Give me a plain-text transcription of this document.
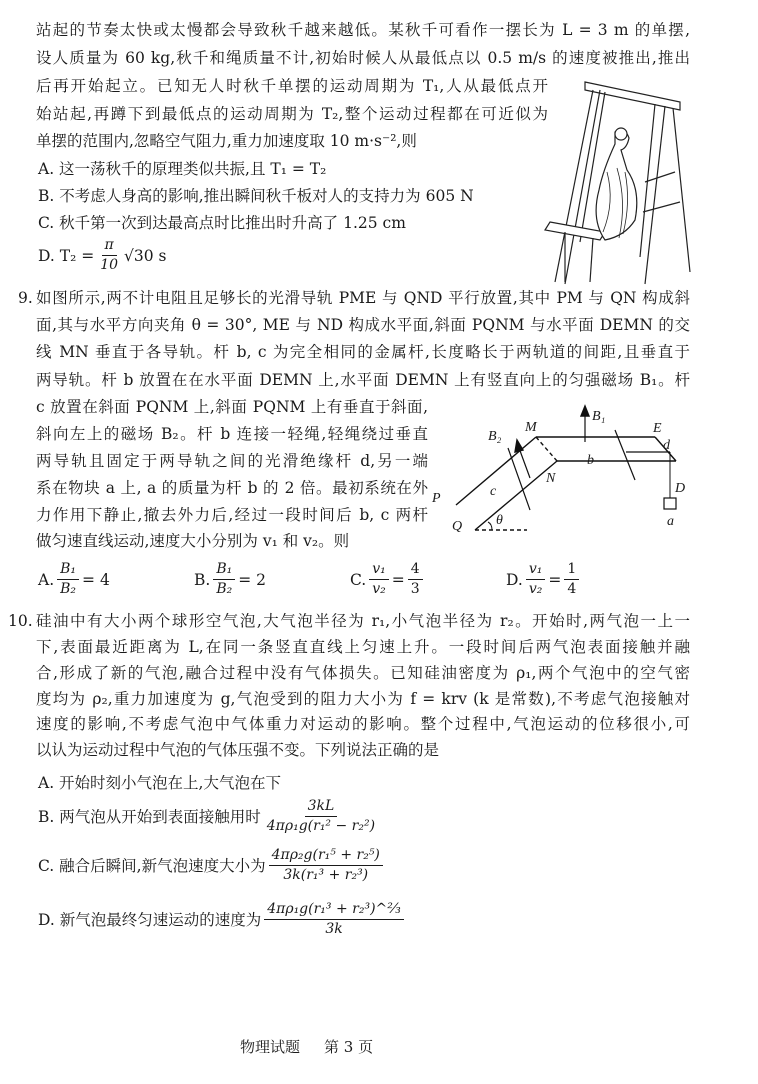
站起的节奏太快或太慢都会导致秋千越来越低。某秋千可看作一摆长为 L = 3 m 的单摆,
设人质量为 60 kg,秋千和绳质量不计,初始时候人从最低点以 0.5 m/s 的速度被推出,推出
后再开始起立。已知无人时秋千单摆的运动周期为 T₁,人从最低点开
始站起,再蹲下到最低点的运动周期为 T₂,整个运动过程都在可近似为
单摆的范围内,忽略空气阻力,重力加速度取 10 m·s⁻²,则
A. 这一荡秋千的原理类似共振,且 T₁ = T₂
B. 不考虑人身高的影响,推出瞬间秋千板对人的支持力为 605 N
C. 秋千第一次到达最高点时比推出时升高了 1.25 cm
D. $T_2 = \frac{\pi}{10} √30$ s
9. 如图所示,两不计电阻且足够长的光滑导轨 PME 与 QND 平行放置,其中 PM 与 QN 构成斜
面,其与水平方向夹角 θ = 30°, ME 与 ND 构成水平面,斜面 PQNM 与水平面 DEMN 的交
线 MN 垂直于各导轨。杆 b, c 为完全相同的金属杆,长度略长于两轨道的间距,且垂直于
两导轨。杆 b 放置在在水平面 DEMN 上,水平面 DEMN 上有竖直向上的匀强磁场 B₁。杆
c 放置在斜面 PQNM 上,斜面 PQNM 上有垂直于斜面,
斜向左上的磁场 B₂。杆 b 连接一轻绳,轻绳绕过垂直
两导轨且固定于两导轨之间的光滑绝缘杆 d,另一端
系在物块 a 上, a 的质量为杆 b 的 2 倍。最初系统在外
力作用下静止,撤去外力后,经过一段时间后 b, c 两杆
做匀速直线运动,速度大小分别为 v₁ 和 v₂。则
P
Q
M
N
E
D
B₁
B₂
b
c
d
a
θ
A. $\frac{\text{B₁}}{\text{B₂}} = 4$	B. $\frac{\text{B₁}}{\text{B₂}} = 2$	C. $\frac{\text{v₁}}{\text{v₂}} = \frac{4}{3}$	D. $\frac{\text{v₁}}{\text{v₂}} = \frac{1}{4}$
10. 硅油中有大小两个球形空气泡,大气泡半径为 r₁,小气泡半径为 r₂。开始时,两气泡一上一
下,表面最近距离为 L,在同一条竖直直线上匀速上升。一段时间后两气泡表面接触并融
合,形成了新的气泡,融合过程中没有气体损失。已知硅油密度为 ρ₁,两个气泡中的空气密
度均为 ρ₂,重力加速度为 g,气泡受到的阻力大小为 f = krv (k 是常数),不考虑气泡接触对
速度的影响,不考虑气泡中气体重力对运动的影响。整个过程中,气泡运动的位移很小,可
以认为运动过程中气泡的气体压强不变。下列说法正确的是
A. 开始时刻小气泡在上,大气泡在下
B. 两气泡从开始到表面接触用时 $\frac{3kL}{\text{4πρ₁g(r₁² − r₂²)}}$
C. 融合后瞬间,新气泡速度大小为 $\frac{\text{4πρ₂g(r₁⁵ + r₂⁵)}}{\text{3k(r₁³ + r₂³)}}$
D. 新气泡最终匀速运动的速度为 $\frac{\text{4πρ₁g(r₁³ + r₂³)\textasciicircum{}⅔}}{3k}$
物理试题 第 3 页
